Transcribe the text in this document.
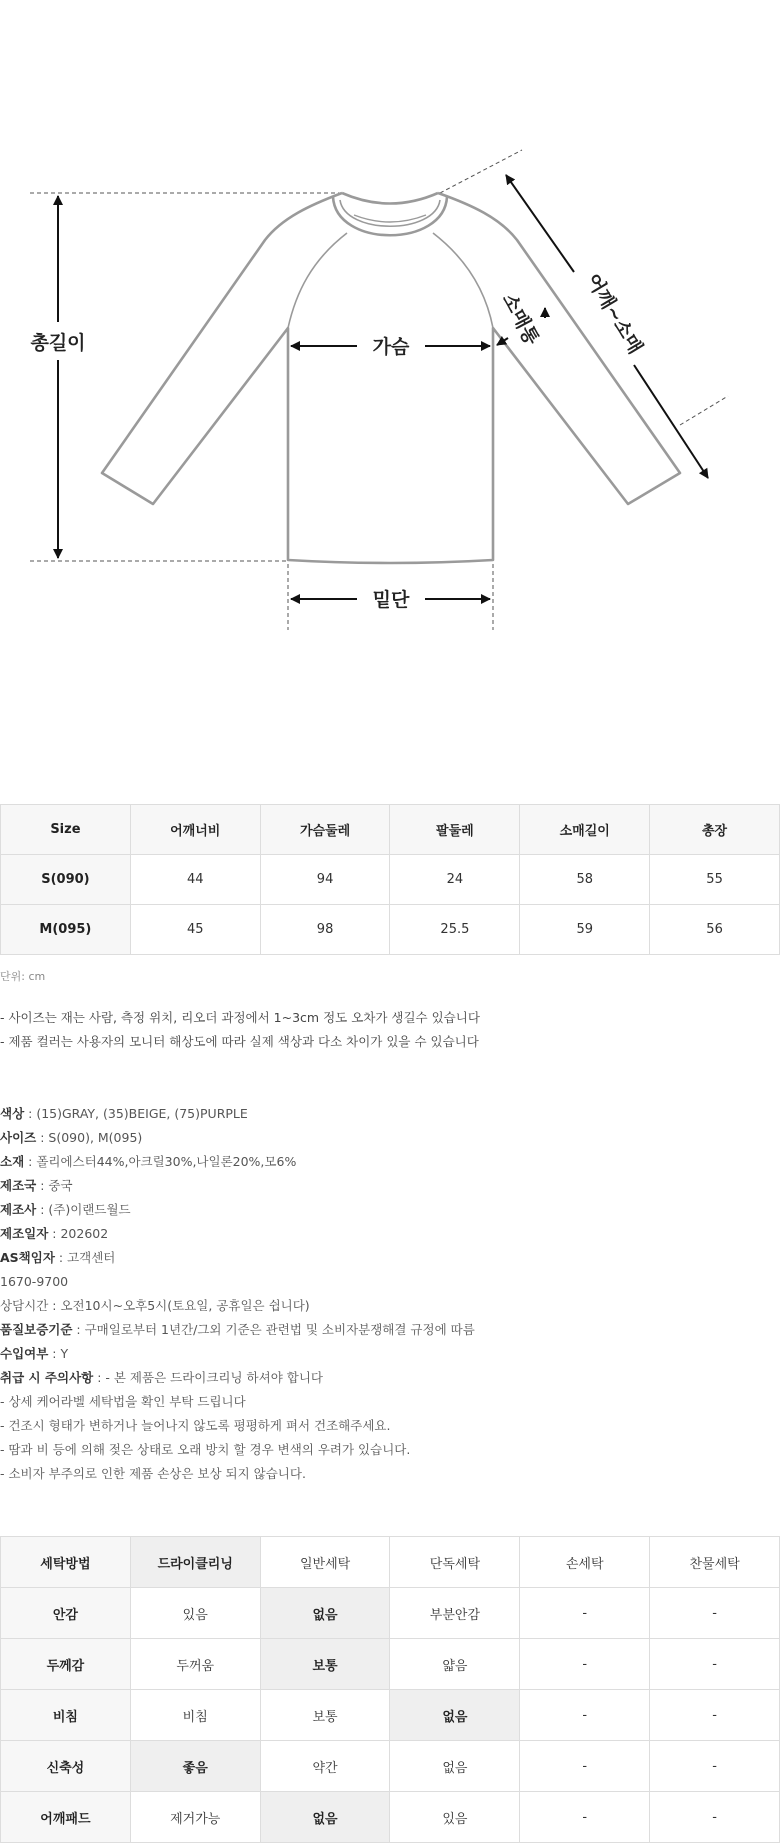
총길이	가슴
밑단
소매통 어깨~소매
Size	어깨너비	가슴둘레	팔둘레	소매길이	총장
S(090)	44	94	24	58	55
M(095)	45	98	25.5	59	56
단위: cm
- 사이즈는 재는 사람, 측정 위치, 리오더 과정에서 1~3cm 정도 오차가 생길수 있습니다
- 제품 컬러는 사용자의 모니터 해상도에 따라 실제 색상과 다소 차이가 있을 수 있습니다
색상 : (15)GRAY, (35)BEIGE, (75)PURPLE
사이즈 : S(090), M(095)
소재 : 폴리에스터44%,아크릴30%,나일론20%,모6%
제조국 : 중국
제조사 : (주)이랜드월드
제조일자 : 202602
AS책임자 : 고객센터
1670-9700
상담시간 : 오전10시~오후5시(토요일, 공휴일은 쉽니다)
품질보증기준 : 구매일로부터 1년간/그외 기준은 관련법 및 소비자분쟁해결 규정에 따름
수입여부 : Y
취급 시 주의사항 : - 본 제품은 드라이크리닝 하셔야 합니다
- 상세 케어라벨 세탁법을 확인 부탁 드립니다
- 건조시 형태가 변하거나 늘어나지 않도록 평평하게 펴서 건조해주세요.
- 땀과 비 등에 의해 젖은 상태로 오래 방치 할 경우 변색의 우려가 있습니다.
- 소비자 부주의로 인한 제품 손상은 보상 되지 않습니다.
세탁방법	드라이클리닝	일반세탁	단독세탁	손세탁	찬물세탁
안감	있음	없음	부분안감	-	-
두께감	두꺼움	보통	얇음	-	-
비침	비침	보통	없음	-	-
신축성	좋음	약간	없음	-	-
어깨패드	제거가능	없음	있음	-	-
